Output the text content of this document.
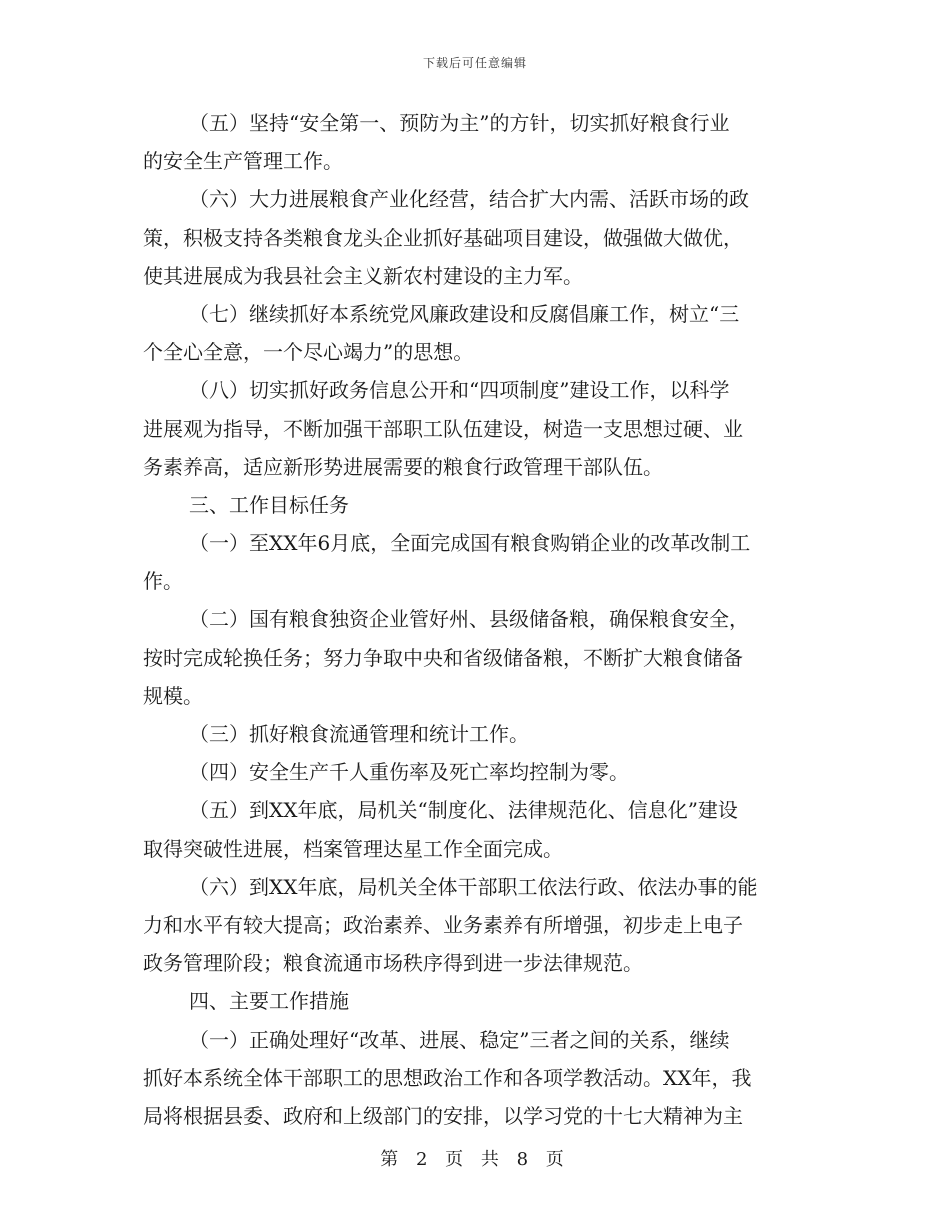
下载后可任意编辑
（五）坚持“安全第一、预防为主”的方针，切实抓好粮食行业
的安全生产管理工作。
（六）大力进展粮食产业化经营，结合扩大内需、活跃市场的政
策，积极支持各类粮食龙头企业抓好基础项目建设，做强做大做优，
使其进展成为我县社会主义新农村建设的主力军。
（七）继续抓好本系统党风廉政建设和反腐倡廉工作，树立“三
个全心全意，一个尽心竭力”的思想。
（八）切实抓好政务信息公开和“四项制度”建设工作，以科学
进展观为指导，不断加强干部职工队伍建设，树造一支思想过硬、业
务素养高，适应新形势进展需要的粮食行政管理干部队伍。
三、工作目标任务
（一）至XX年6月底，全面完成国有粮食购销企业的改革改制工
作。
（二）国有粮食独资企业管好州、县级储备粮，确保粮食安全，
按时完成轮换任务；努力争取中央和省级储备粮，不断扩大粮食储备
规模。
（三）抓好粮食流通管理和统计工作。
（四）安全生产千人重伤率及死亡率均控制为零。
（五）到XX年底，局机关“制度化、法律规范化、信息化”建设
取得突破性进展，档案管理达星工作全面完成。
（六）到XX年底，局机关全体干部职工依法行政、依法办事的能
力和水平有较大提高；政治素养、业务素养有所增强，初步走上电子
政务管理阶段；粮食流通市场秩序得到进一步法律规范。
四、主要工作措施
（一）正确处理好“改革、进展、稳定”三者之间的关系，继续
抓好本系统全体干部职工的思想政治工作和各项学教活动。XX年，我
局将根据县委、政府和上级部门的安排，以学习党的十七大精神为主
第 2 页 共 8 页
